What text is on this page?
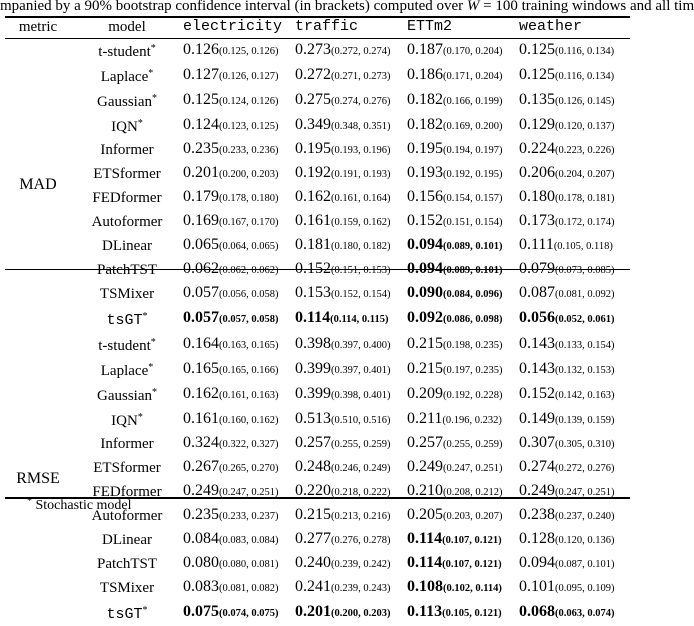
mpanied by a 90% bootstrap confidence interval (in brackets) computed over W = 100 training windows and all tim
metric	model	electricity	traffic	ETTm2	weather
MAD	t-student*	0.126(0.125, 0.126)	0.273(0.272, 0.274)	0.187(0.170, 0.204)	0.125(0.116, 0.134)
	Laplace*	0.127(0.126, 0.127)	0.272(0.271, 0.273)	0.186(0.171, 0.204)	0.125(0.116, 0.134)
	Gaussian*	0.125(0.124, 0.126)	0.275(0.274, 0.276)	0.182(0.166, 0.199)	0.135(0.126, 0.145)
	IQN*	0.124(0.123, 0.125)	0.349(0.348, 0.351)	0.182(0.169, 0.200)	0.129(0.120, 0.137)
	Informer	0.235(0.233, 0.236)	0.195(0.193, 0.196)	0.195(0.194, 0.197)	0.224(0.223, 0.226)
	ETSformer	0.201(0.200, 0.203)	0.192(0.191, 0.193)	0.193(0.192, 0.195)	0.206(0.204, 0.207)
	FEDformer	0.179(0.178, 0.180)	0.162(0.161, 0.164)	0.156(0.154, 0.157)	0.180(0.178, 0.181)
	Autoformer	0.169(0.167, 0.170)	0.161(0.159, 0.162)	0.152(0.151, 0.154)	0.173(0.172, 0.174)
	DLinear	0.065(0.064, 0.065)	0.181(0.180, 0.182)	0.094(0.089, 0.101)	0.111(0.105, 0.118)
	PatchTST	0.062(0.062, 0.062)	0.152(0.151, 0.153)	0.094(0.089, 0.101)	0.079(0.073, 0.085)
	TSMixer	0.057(0.056, 0.058)	0.153(0.152, 0.154)	0.090(0.084, 0.096)	0.087(0.081, 0.092)
	tsGT*	0.057(0.057, 0.058)	0.114(0.114, 0.115)	0.092(0.086, 0.098)	0.056(0.052, 0.061)
RMSE	t-student*	0.164(0.163, 0.165)	0.398(0.397, 0.400)	0.215(0.198, 0.235)	0.143(0.133, 0.154)
	Laplace*	0.165(0.165, 0.166)	0.399(0.397, 0.401)	0.215(0.197, 0.235)	0.143(0.132, 0.153)
	Gaussian*	0.162(0.161, 0.163)	0.399(0.398, 0.401)	0.209(0.192, 0.228)	0.152(0.142, 0.163)
	IQN*	0.161(0.160, 0.162)	0.513(0.510, 0.516)	0.211(0.196, 0.232)	0.149(0.139, 0.159)
	Informer	0.324(0.322, 0.327)	0.257(0.255, 0.259)	0.257(0.255, 0.259)	0.307(0.305, 0.310)
	ETSformer	0.267(0.265, 0.270)	0.248(0.246, 0.249)	0.249(0.247, 0.251)	0.274(0.272, 0.276)
	FEDformer	0.249(0.247, 0.251)	0.220(0.218, 0.222)	0.210(0.208, 0.212)	0.249(0.247, 0.251)
	Autoformer	0.235(0.233, 0.237)	0.215(0.213, 0.216)	0.205(0.203, 0.207)	0.238(0.237, 0.240)
	DLinear	0.084(0.083, 0.084)	0.277(0.276, 0.278)	0.114(0.107, 0.121)	0.128(0.120, 0.136)
	PatchTST	0.080(0.080, 0.081)	0.240(0.239, 0.242)	0.114(0.107, 0.121)	0.094(0.087, 0.101)
	TSMixer	0.083(0.081, 0.082)	0.241(0.239, 0.243)	0.108(0.102, 0.114)	0.101(0.095, 0.109)
	tsGT*	0.075(0.074, 0.075)	0.201(0.200, 0.203)	0.113(0.105, 0.121)	0.068(0.063, 0.074)
* Stochastic model
